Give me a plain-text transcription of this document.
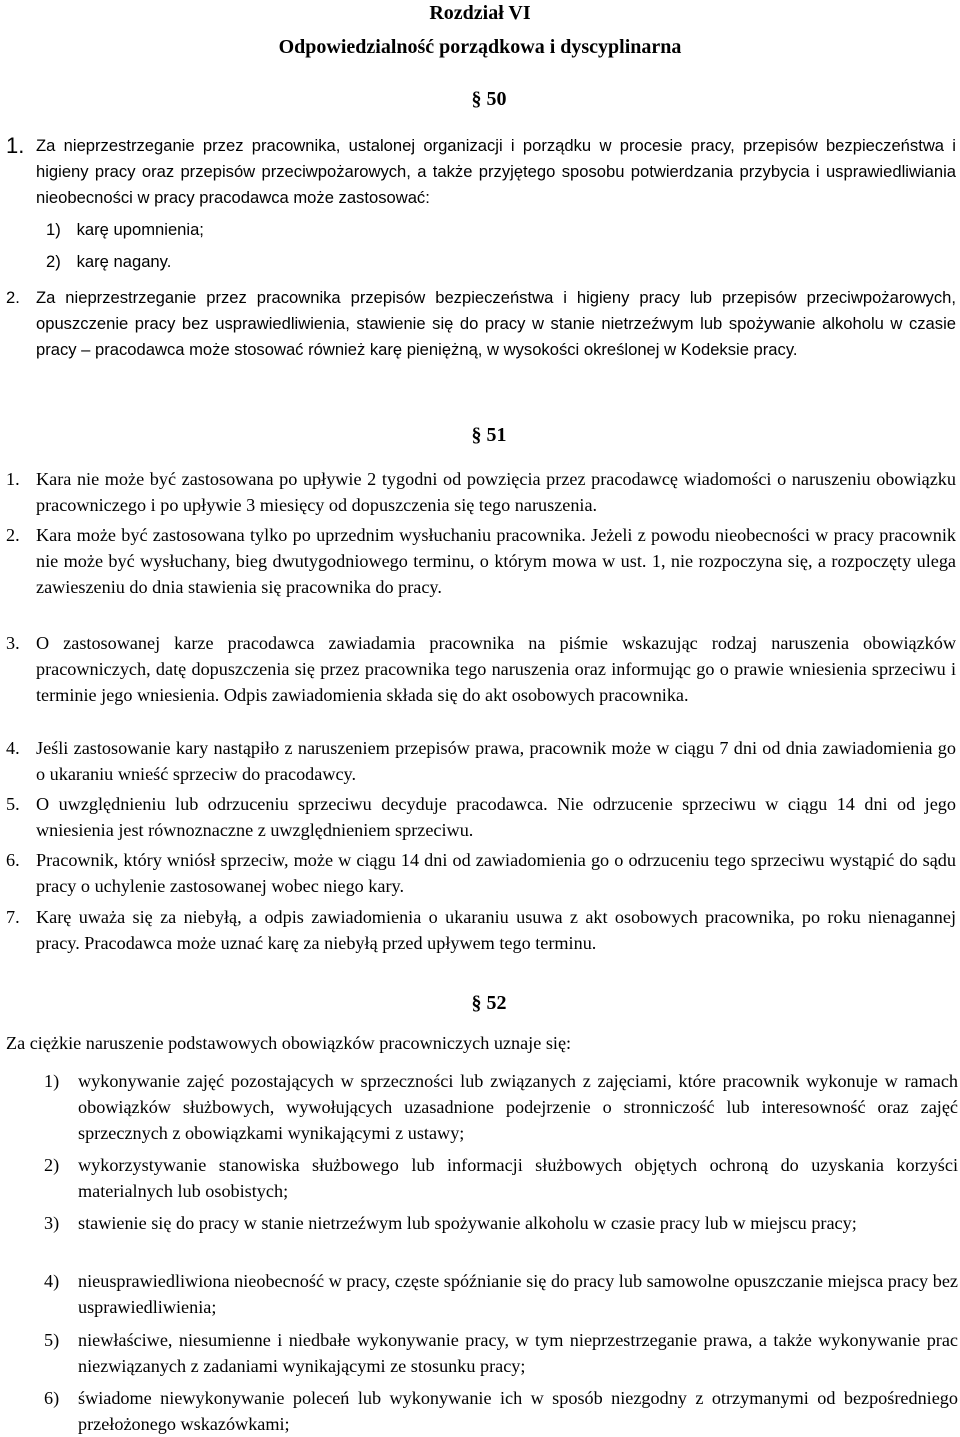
Rozdział VI
Odpowiedzialność porządkowa i dyscyplinarna
§ 50
1. Za nieprzestrzeganie przez pracownika, ustalonej organizacji i porządku w procesie pracy, przepisów bezpieczeństwa i higieny pracy oraz przepisów przeciwpożarowych, a także przyjętego sposobu potwierdzania przybycia i usprawiedliwiania nieobecności w pracy pracodawca może zastosować:
1) karę upomnienia;
2) karę nagany.
2. Za nieprzestrzeganie przez pracownika przepisów bezpieczeństwa i higieny pracy lub przepisów przeciwpożarowych, opuszczenie pracy bez usprawiedliwienia, stawienie się do pracy w stanie nietrzeźwym lub spożywanie alkoholu w czasie pracy – pracodawca może stosować również karę pieniężną, w wysokości określonej w Kodeksie pracy.
§ 51
1. Kara nie może być zastosowana po upływie 2 tygodni od powzięcia przez pracodawcę wiadomości o naruszeniu obowiązku pracowniczego i po upływie 3 miesięcy od dopuszczenia się tego naruszenia.
2. Kara może być zastosowana tylko po uprzednim wysłuchaniu pracownika. Jeżeli z powodu nieobecności w pracy pracownik nie może być wysłuchany, bieg dwutygodniowego terminu, o którym mowa w ust. 1, nie rozpoczyna się, a rozpoczęty ulega zawieszeniu do dnia stawienia się pracownika do pracy.
3. O zastosowanej karze pracodawca zawiadamia pracownika na piśmie wskazując rodzaj naruszenia obowiązków pracowniczych, datę dopuszczenia się przez pracownika tego naruszenia oraz informując go o prawie wniesienia sprzeciwu i terminie jego wniesienia. Odpis zawiadomienia składa się do akt osobowych pracownika.
4. Jeśli zastosowanie kary nastąpiło z naruszeniem przepisów prawa, pracownik może w ciągu 7 dni od dnia zawiadomienia go o ukaraniu wnieść sprzeciw do pracodawcy.
5. O uwzględnieniu lub odrzuceniu sprzeciwu decyduje pracodawca. Nie odrzucenie sprzeciwu w ciągu 14 dni od jego wniesienia jest równoznaczne z uwzględnieniem sprzeciwu.
6. Pracownik, który wniósł sprzeciw, może w ciągu 14 dni od zawiadomienia go o odrzuceniu tego sprzeciwu wystąpić do sądu pracy o uchylenie zastosowanej wobec niego kary.
7. Karę uważa się za niebyłą, a odpis zawiadomienia o ukaraniu usuwa z akt osobowych pracownika, po roku nienagannej pracy. Pracodawca może uznać karę za niebyłą przed upływem tego terminu.
§ 52

Za ciężkie naruszenie podstawowych obowiązków pracowniczych uznaje się:

1) wykonywanie zajęć pozostających w sprzeczności lub związanych z zajęciami, które pracownik wykonuje w ramach obowiązków służbowych, wywołujących uzasadnione podejrzenie o stronniczość lub interesowność oraz zajęć sprzecznych z obowiązkami wynikającymi z ustawy;
2) wykorzystywanie stanowiska służbowego lub informacji służbowych objętych ochroną do uzyskania korzyści materialnych lub osobistych;
3) stawienie się do pracy w stanie nietrzeźwym lub spożywanie alkoholu w czasie pracy lub w miejscu pracy;
4) nieusprawiedliwiona nieobecność w pracy, częste spóźnianie się do pracy lub samowolne opuszczanie miejsca pracy bez usprawiedliwienia;
5) niewłaściwe, niesumienne i niedbałe wykonywanie pracy, w tym nieprzestrzeganie prawa, a także wykonywanie prac niezwiązanych z zadaniami wynikającymi ze stosunku pracy;
6) świadome niewykonywanie poleceń lub wykonywanie ich w sposób niezgodny z otrzymanymi od bezpośredniego przełożonego wskazówkami;
